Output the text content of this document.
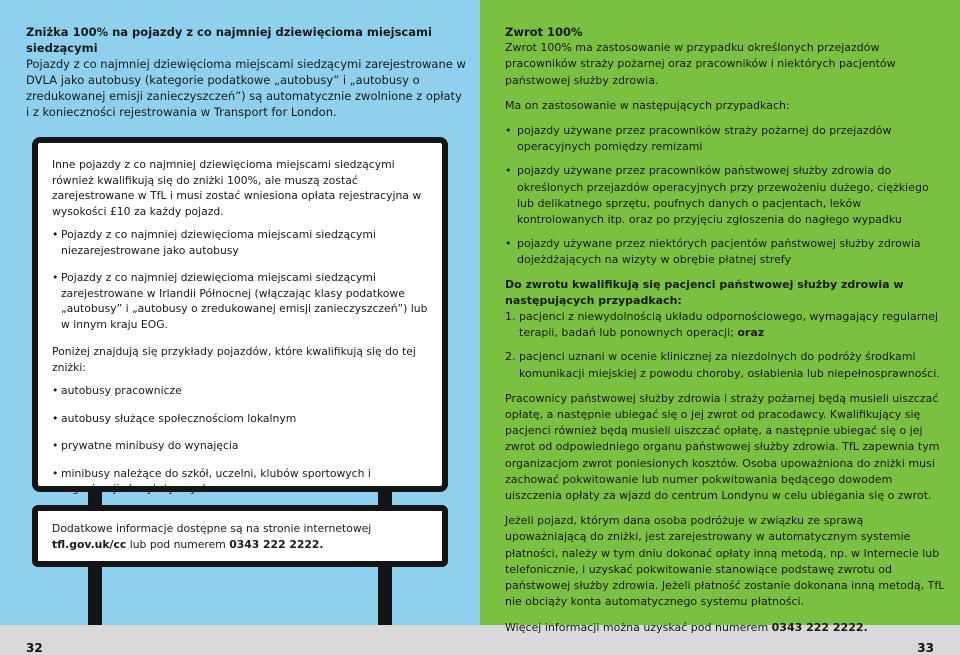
Zniżka 100% na pojazdy z co najmniej dziewięcioma miejscami siedzącymi

Pojazdy z co najmniej dziewięcioma miejscami siedzącymi zarejestrowane w DVLA jako autobusy (kategorie podatkowe „autobusy” i „autobusy o zredukowanej emisji zanieczyszczeń”) są automatycznie zwolnione z opłaty i z konieczności rejestrowania w Transport for London.

Inne pojazdy z co najmniej dziewięcioma miejscami siedzącymi również kwalifikują się do zniżki 100%, ale muszą zostać zarejestrowane w TfL i musi zostać wniesiona opłata rejestracyjna w wysokości £10 za każdy pojazd.

• Pojazdy z co najmniej dziewięcioma miejscami siedzącymi niezarejestrowane jako autobusy
• Pojazdy z co najmniej dziewięcioma miejscami siedzącymi zarejestrowane w Irlandii Północnej (włączając klasy podatkowe „autobusy” i „autobusy o zredukowanej emisji zanieczyszczeń”) lub w innym kraju EOG.

Poniżej znajdują się przykłady pojazdów, które kwalifikują się do tej zniżki:

• autobusy pracownicze
• autobusy służące społecznościom lokalnym
• prywatne minibusy do wynajęcia
• minibusy należące do szkół, uczelni, klubów sportowych i organizacji charytatywnych
Dodatkowe informacje dostępne są na stronie internetowej
tfl.gov.uk/cc lub pod numerem 0343 222 2222.
Zwrot 100%

Zwrot 100% ma zastosowanie w przypadku określonych przejazdów pracowników straży pożarnej oraz pracowników i niektórych pacjentów państwowej służby zdrowia.

Ma on zastosowanie w następujących przypadkach:

• pojazdy używane przez pracowników straży pożarnej do przejazdów operacyjnych pomiędzy remizami
• pojazdy używane przez pracowników państwowej służby zdrowia do określonych przejazdów operacyjnych przy przewożeniu dużego, ciężkiego lub delikatnego sprzętu, poufnych danych o pacjentach, leków kontrolowanych itp. oraz po przyjęciu zgłoszenia do nagłego wypadku
• pojazdy używane przez niektórych pacjentów państwowej służby zdrowia dojeżdżających na wizyty w obrębie płatnej strefy
Do zwrotu kwalifikują się pacjenci państwowej służby zdrowia w następujących przypadkach:
1. pacjenci z niewydolnością układu odpornościowego, wymagający regularnej terapii, badań lub ponownych operacji; oraz
2. pacjenci uznani w ocenie klinicznej za niezdolnych do podróży środkami komunikacji miejskiej z powodu choroby, osłabienia lub niepełnosprawności.

Pracownicy państwowej służby zdrowia i straży pożarnej będą musieli uiszczać opłatę, a następnie ubiegać się o jej zwrot od pracodawcy. Kwalifikujący się pacjenci również będą musieli uiszczać opłatę, a następnie ubiegać się o jej zwrot od odpowiedniego organu państwowej służby zdrowia. TfL zapewnia tym organizacjom zwrot poniesionych kosztów. Osoba upoważniona do zniżki musi zachować pokwitowanie lub numer pokwitowania będącego dowodem uiszczenia opłaty za wjazd do centrum Londynu w celu ubiegania się o zwrot.

Jeżeli pojazd, którym dana osoba podróżuje w związku ze sprawą upoważniającą do zniżki, jest zarejestrowany w automatycznym systemie płatności, należy w tym dniu dokonać opłaty inną metodą, np. w Internecie lub telefonicznie, i uzyskać pokwitowanie stanowiące podstawę zwrotu od państwowej służby zdrowia. Jeżeli płatność zostanie dokonana inną metodą, TfL nie obciąży konta automatycznego systemu płatności.

Więcej informacji można uzyskać pod numerem 0343 222 2222.

32	33
